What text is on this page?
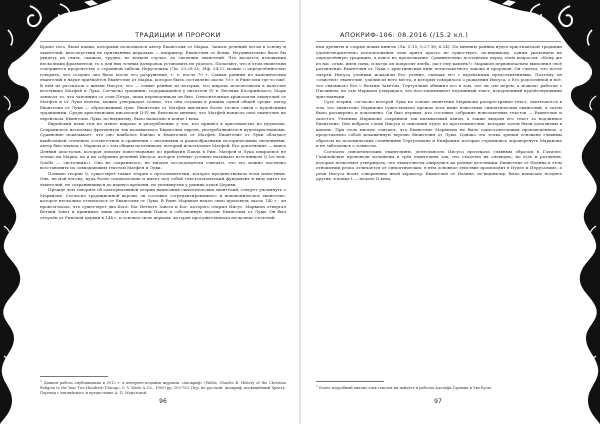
ТРАДИЦИИ И ПРОРОКИ

Кроме того, были папки, которыми пользовался автор Евангелия от Марка. Записи речений легли в основу и евангелий, впоследствии не признанных церковью — например, Евангелия от Фомы. Неудивительно было бы увидеть их связь, скажем, трудно; во всяком случае, до сведения евангелий. Что касается изложения нескольких фрагментов, то о для них точных датировок установить не удалось. Полагают, что в этом евангелии содержится пророчество о страшной гибели Иерусалима (Лк. 23:28-31; Мф. 24:2), можно с определённостью говорить, что создано оно было после его разрушения, т. е. после 70 г. Самым ранним из канонических евангелий в науке признаётся Евангелие от Марка, которое было составлено около 70 г. в Риме или где-то ещё. В нём из рассказов о жизни Иисуса, его — самые ранние из которых, его широко использовали в качестве источника Матфей и Лука. Согласно традиции, содержащейся у писателя IV в. Евсевия Кесарийского, Марк записал то, что запомнил со слов Петра, чьим переводчиком он был. Относительная хронология евангелий от Матфея и от Луки неясна; можно утверждать только, что они созданы в рамках одной общей среды: автор Евангелия от Луки — образованный грек. Евангелие от Матфея выглядит более теснее связи с иудейскими традициями. Среди христианских писателей II-IV вв. бытовало мнение, что Матфей написал своё евангелие на еврейском. Евангелие Луки, по-видимому, было написано в конце I века.

Еврейский язык тем не менее широко в употреблении у тех, кто пришёл в христианство из иудаизма. Сохранилось несколько фрагментов так называемого Евангелия евреев, употреблявшегося иудеохристианами. Сравнение показывает, что оно наиболее близко к Евангелию от Матфея. Евангелие от Луки обладает наибольшей степенью соответствия в сравнении с писаниями и разнообразными историческими сведениями; автор был знаком с Марком и с тем общим источником, который использовал Матфей. Его дополнение — книга Деяний апостолов, которая доводит повествование до прибытия Павла в Рим. Матфей и Лука опирались не только на Марка, но и на собрание речений Иисуса, которое учёные условно называют источником Q (от нем. Quelle — «источник»). Оно не сохранилось, но многие исследователи считают, что его можно частично восстановить по совпадающим текстам Матфея и Луки.

Помимо теории Q, существует также теория о протоевангелии, которое предшествовало всем известным. Она, на мой взгляд, куда более основательна и имеет под собой текстологический фундамент в виде цитат из евангелий, не сохранившихся до нашего времени, но упомянутых у ранних отцов Церкви.

Прежде чем говорить об альтернативной теории написания синоптических евангелий, следует упомянуть о Маркионе. Согласно традиционной версии, он составил «отредактированное» и неканоническое евангелие, которое несколько отличалось от Евангелия от Луки. В Риме Маркион начал свою проповедь около 140 г.; он провозгласил, что существует два Бога: Бог Ветхого Завета и Бог, которого открыл Иисус. Маркион отвергал Ветхий Завет и принимал лишь десять посланий Павла и собственную версию Евангелия от Луки. Он был отлучён от Римской церкви в 144 г. и основал свою церковь, которая просуществовала несколько столетий.

$^1$ Данная работа опубликована в 2012 г. в интернет-издании журнала «Апокриф» (Wallis, Charles B. History of the Christian Religion to the Year Two Hundred (Chicago, C. V. Waite & Co., 1900) pp. 103-703. Пер. на русский: Апокриф, посвящённый Христу. Перевод с английского и предисловие А. П. Морозовой.
96
АПОКРИФ-106: 08.2016 (/15.2 кл.)

ном древнем и старых новых книгах (Лк. 5:15; 5:27-38; 6:24). По мнению ранних иудео-христианской традиции удовлетворительно использования этих притч просто не существует, по-видимому, одним указанием на определённую традицию, а вовсе не предложение. Сравнительно поставлено перед этим вопросом: «Кому же из вас, отцы, имея сына, и когда он попросит хлеба, даст ему камень?» Маркион первоначально выполнил своё различение Евангелия от Луки с христианских книг ветхозаветного закона и пророков. Он считал, что после смерти Иисуса ученики исказили Его учение, смешав его с иудейскими представлениями. Поэтому он «очистил» евангелие, удалив из него места, в которых говорилось о рождении Иисуса, о Его родословной и всё, что связывало Его с Ветхим Заветом. Тертуллиан обвинил его в том, что он «не пером, а ножом» работал с Писанием, но сам Маркион утверждал, что восстанавливает подлинный текст, испорченный иудействующими христианами.

Суть теории, согласно которой Лука на основе евангелия Маркиона распространил текст, заключается в том, что евангелие Маркиона существовало прежде всех ныне известных синоптических евангелий, а затем было расширено и дополнено. Он был первым, кто составил собрание новозаветных текстов — Евангелие и Апостол. Ученики Маркиона сохранили так называемый канон, а также выдали его текст за подлинное Евангелие. Оно вобрало слова Иисуса и описания чудес из протоевангелия, которые затем были дополнены в каноне. При этом многие считают, что Евангелие Маркиона не было самостоятельным произведением, а представляло собой искажённую версию Евангелия от Луки. Однако эта точка зрения основана главным образом на полемических сочинениях Тертуллиана и Епифания, которые стремились опровергнуть Маркиона и не заботились о точности.

Согласно синоптическим евангелиям, деятельность Иисуса протекала главным образом в Галилее. Галилейские проповеди изложены в трёх евангелиях так, что сходство их очевидно; но есть и различия, которые позволяют утверждать, что евангелисты опирались на разные источники. Евангелие от Иоанна в этом отношении резко отличается от синоптических: в нём основное действие происходит в Иудее и Иерусалиме, а речи Иисуса носят совершенно иной характер. Евангелие от Иоанна, по-видимому, было написано позднее других, в конце I — начале II века.

$^1$ Более подробный анализ этих текстов вы найдёте в работах Адольфа Гарнака и Уве Кузы.
97
